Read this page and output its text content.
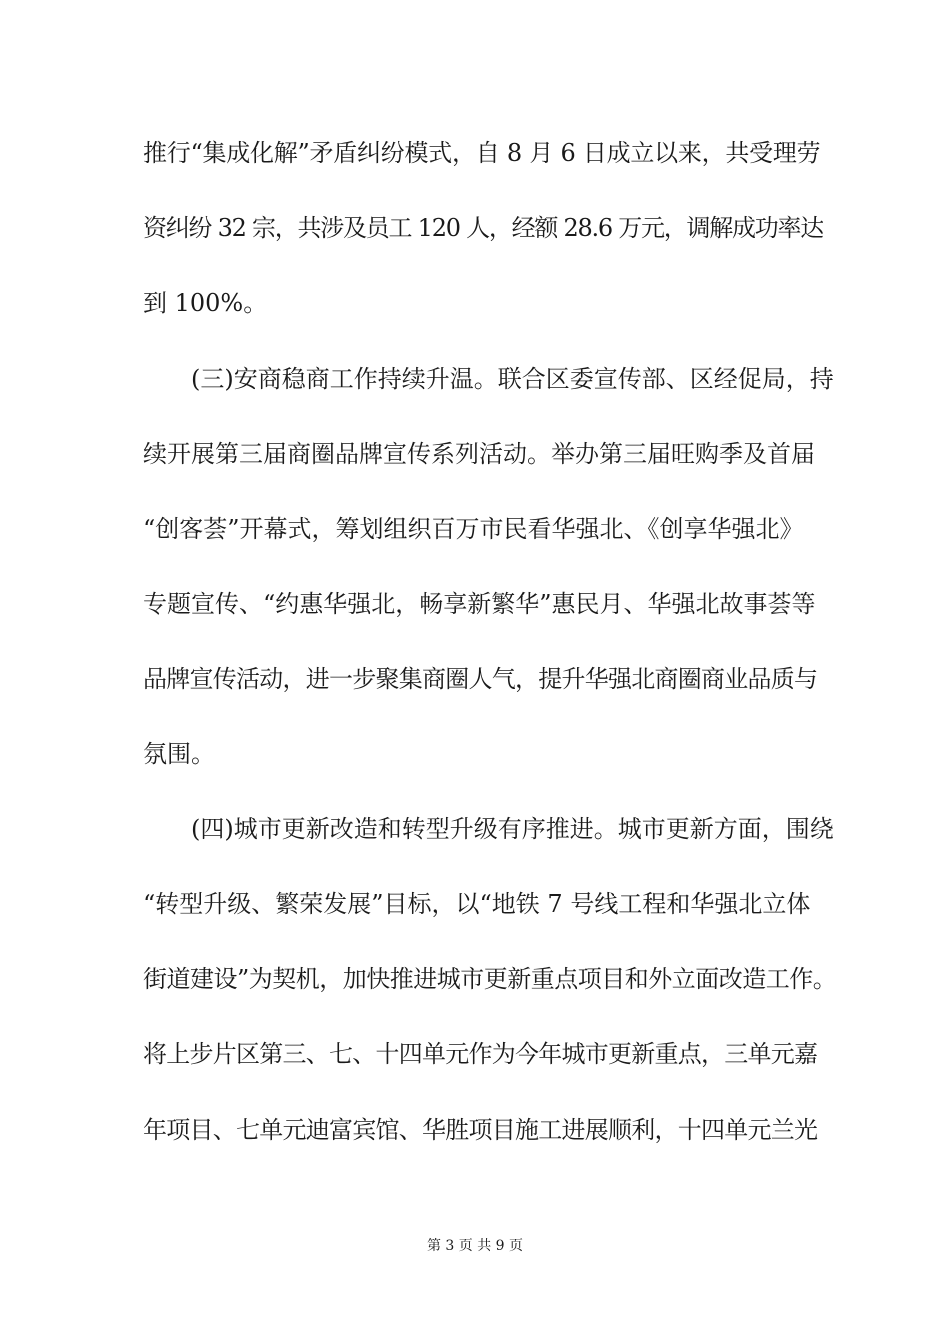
推行“集成化解”矛盾纠纷模式，自 8 月 6 日成立以来，共受理劳
资纠纷 32 宗，共涉及员工 120 人，经额 28.6 万元，调解成功率达
到 100%。
(三)安商稳商工作持续升温。联合区委宣传部、区经促局，持
续开展第三届商圈品牌宣传系列活动。举办第三届旺购季及首届
“创客荟”开幕式，筹划组织百万市民看华强北、《创享华强北》
专题宣传、“约惠华强北，畅享新繁华”惠民月、华强北故事荟等
品牌宣传活动，进一步聚集商圈人气，提升华强北商圈商业品质与
氛围。
(四)城市更新改造和转型升级有序推进。城市更新方面，围绕
“转型升级、繁荣发展”目标，以“地铁 7 号线工程和华强北立体
街道建设”为契机，加快推进城市更新重点项目和外立面改造工作。
将上步片区第三、七、十四单元作为今年城市更新重点，三单元嘉
年项目、七单元迪富宾馆、华胜项目施工进展顺利，十四单元兰光
第 3 页 共 9 页
